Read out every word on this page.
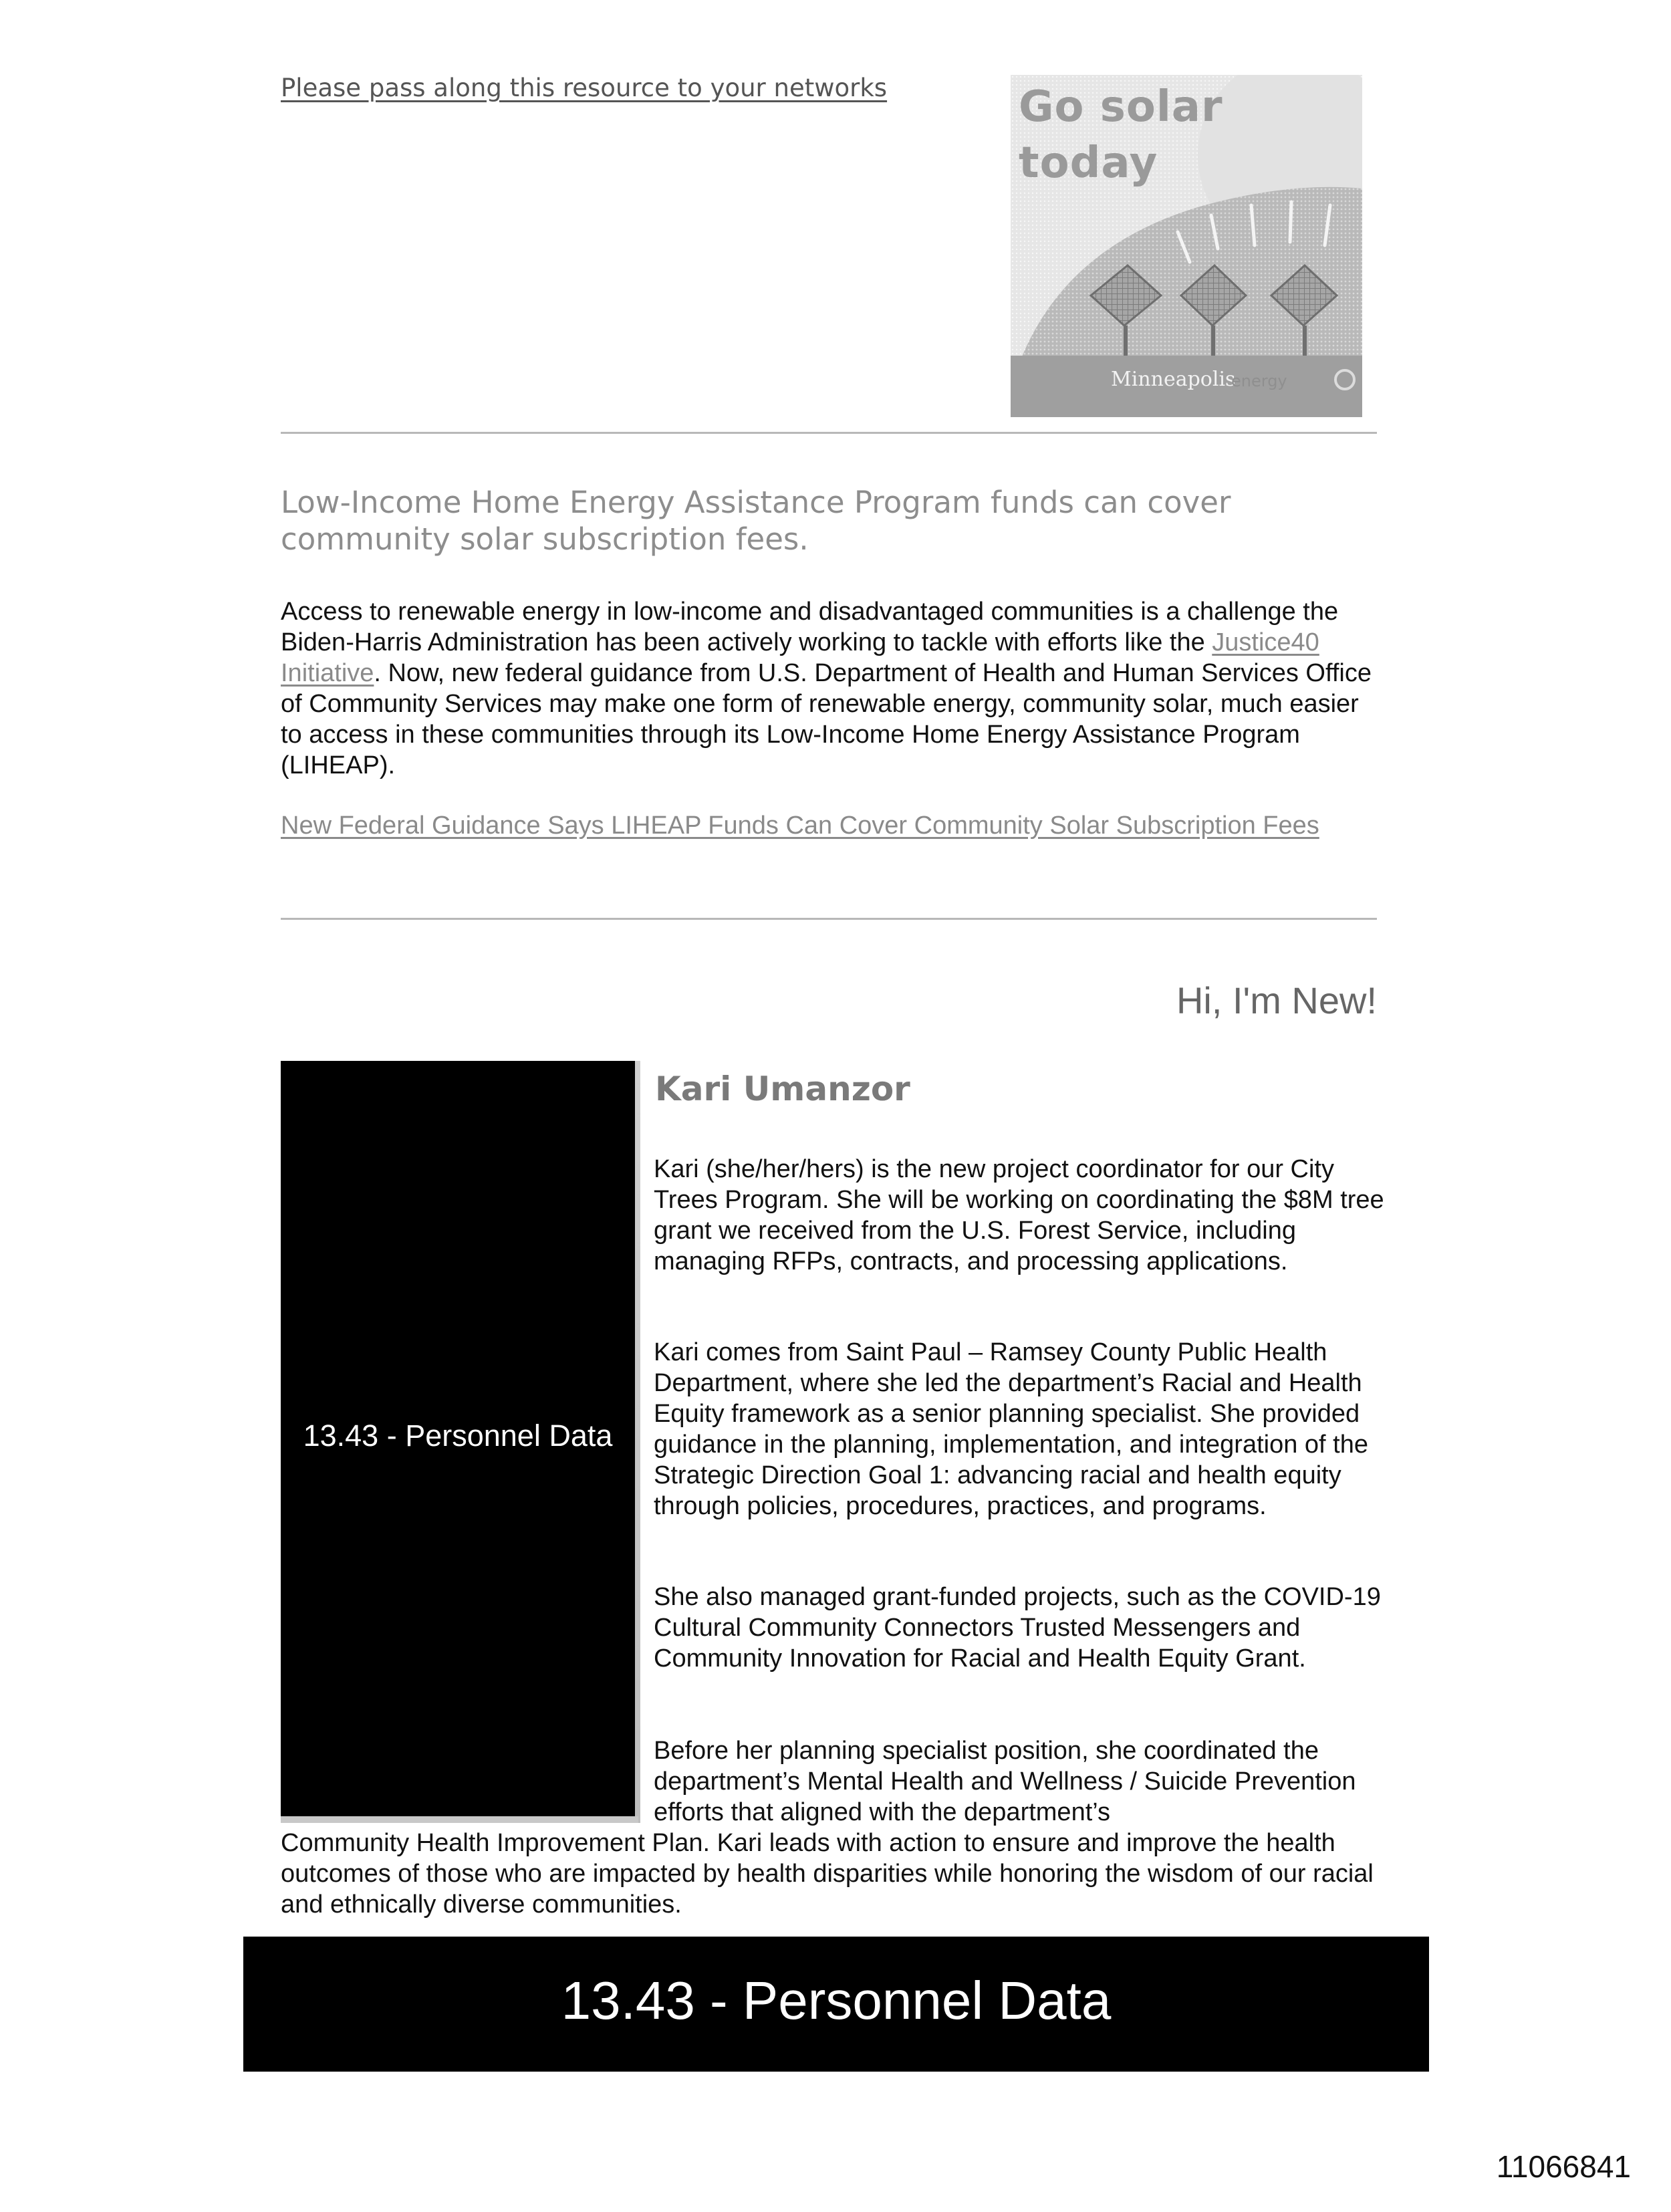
Please pass along this resource to your networks	Go solar
today
Minneapolis
energy
Low-Income Home Energy Assistance Program funds can cover community solar subscription fees.

Access to renewable energy in low-income and disadvantaged communities is a challenge the Biden-Harris Administration has been actively working to tackle with efforts like the Justice40 Initiative. Now, new federal guidance from U.S. Department of Health and Human Services Office of Community Services may make one form of renewable energy, community solar, much easier to access in these communities through its Low-Income Home Energy Assistance Program (LIHEAP).

New Federal Guidance Says LIHEAP Funds Can Cover Community Solar Subscription Fees
Hi, I'm New!
13.43 - Personnel Data
Kari Umanzor

Kari (she/her/hers) is the new project coordinator for our City Trees Program. She will be working on coordinating the $8M tree grant we received from the U.S. Forest Service, including managing RFPs, contracts, and processing applications.

Kari comes from Saint Paul – Ramsey County Public Health Department, where she led the department’s Racial and Health Equity framework as a senior planning specialist. She provided guidance in the planning, implementation, and integration of the Strategic Direction Goal 1: advancing racial and health equity through policies, procedures, practices, and programs.

She also managed grant-funded projects, such as the COVID-19 Cultural Community Connectors Trusted Messengers and Community Innovation for Racial and Health Equity Grant.

Before her planning specialist position, she coordinated the department’s Mental Health and Wellness / Suicide Prevention efforts that aligned with the department’s

Community Health Improvement Plan. Kari leads with action to ensure and improve the health outcomes of those who are impacted by health disparities while honoring the wisdom of our racial and ethnically diverse communities.

13.43 - Personnel Data
11066841
